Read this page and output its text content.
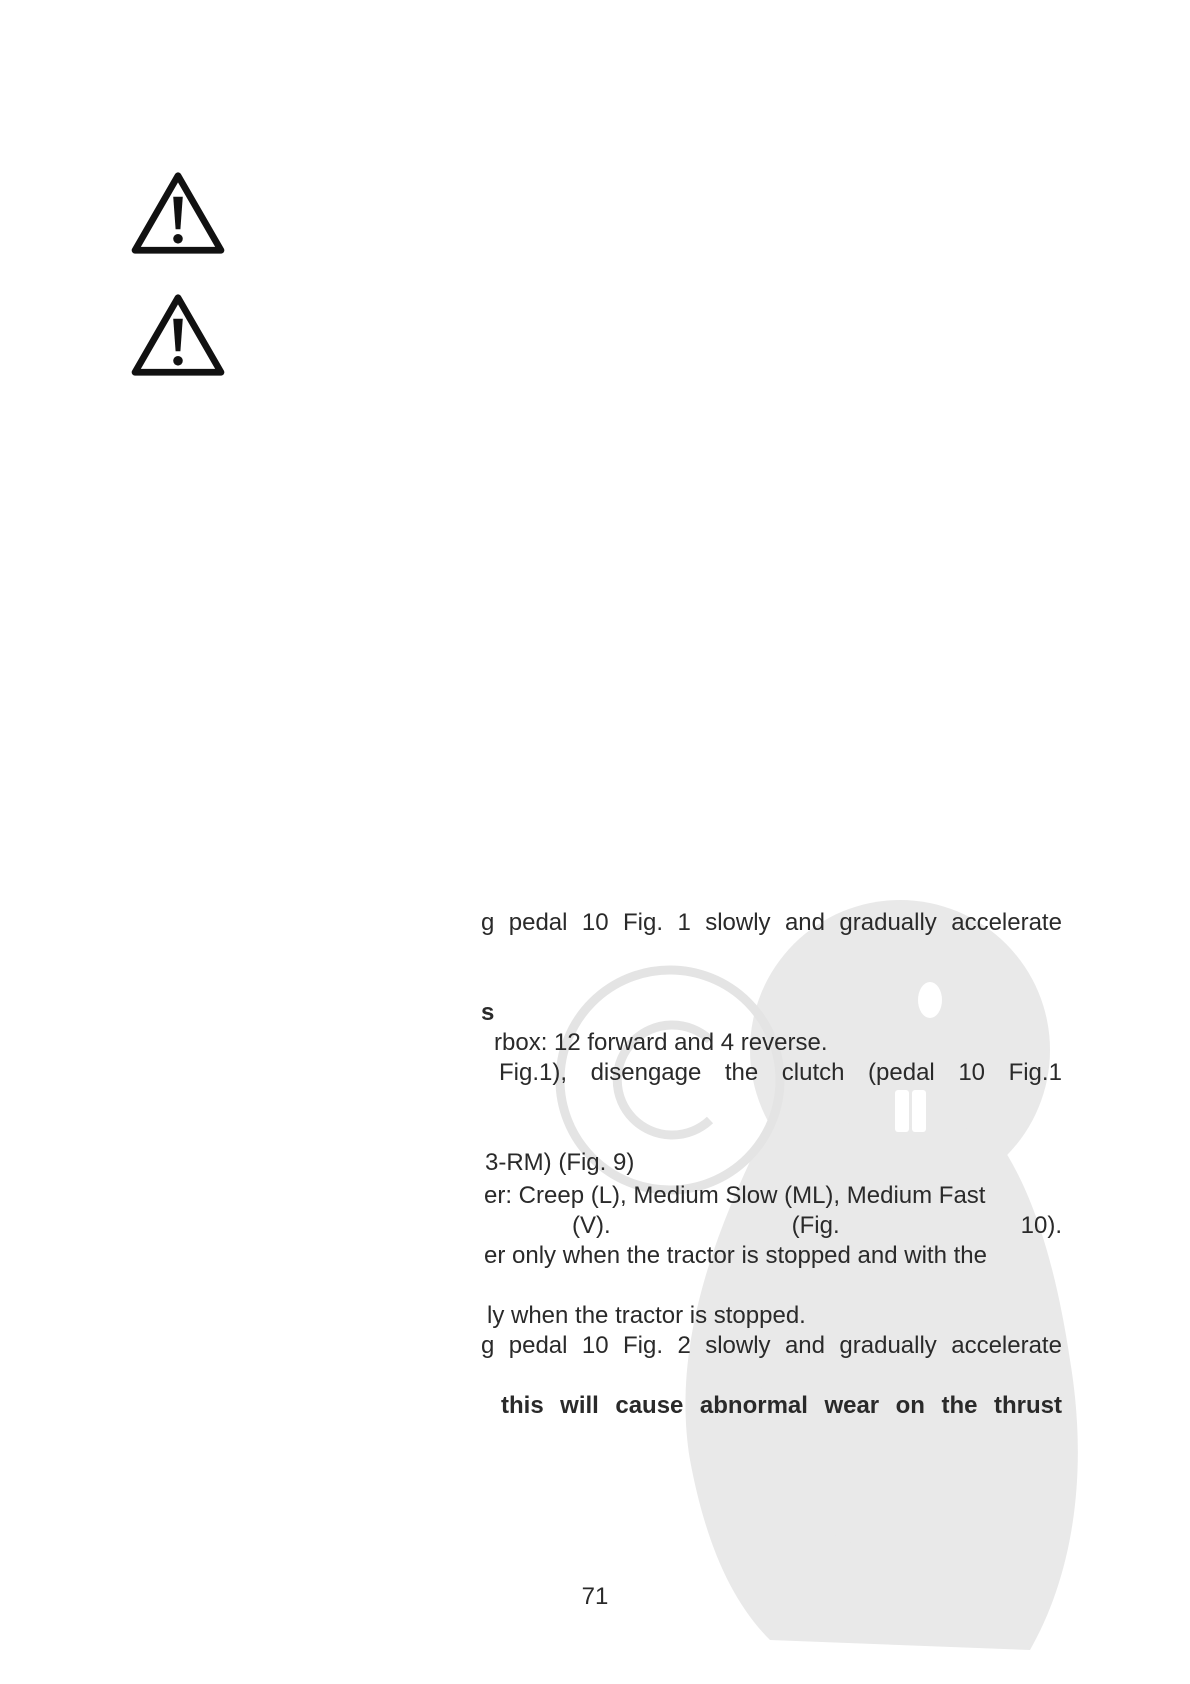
g pedal 10 Fig. 1 slowly and gradually accelerate
s
rbox: 12 forward and 4 reverse.
Fig.1), disengage the clutch (pedal 10 Fig.1
3-RM) (Fig. 9)
er: Creep (L), Medium Slow (ML), Medium Fast
(V).	(Fig.	10).
er only when the tractor is stopped and with the
ly when the tractor is stopped.
g pedal 10 Fig. 2 slowly and gradually accelerate
this will cause abnormal wear on the thrust
71
